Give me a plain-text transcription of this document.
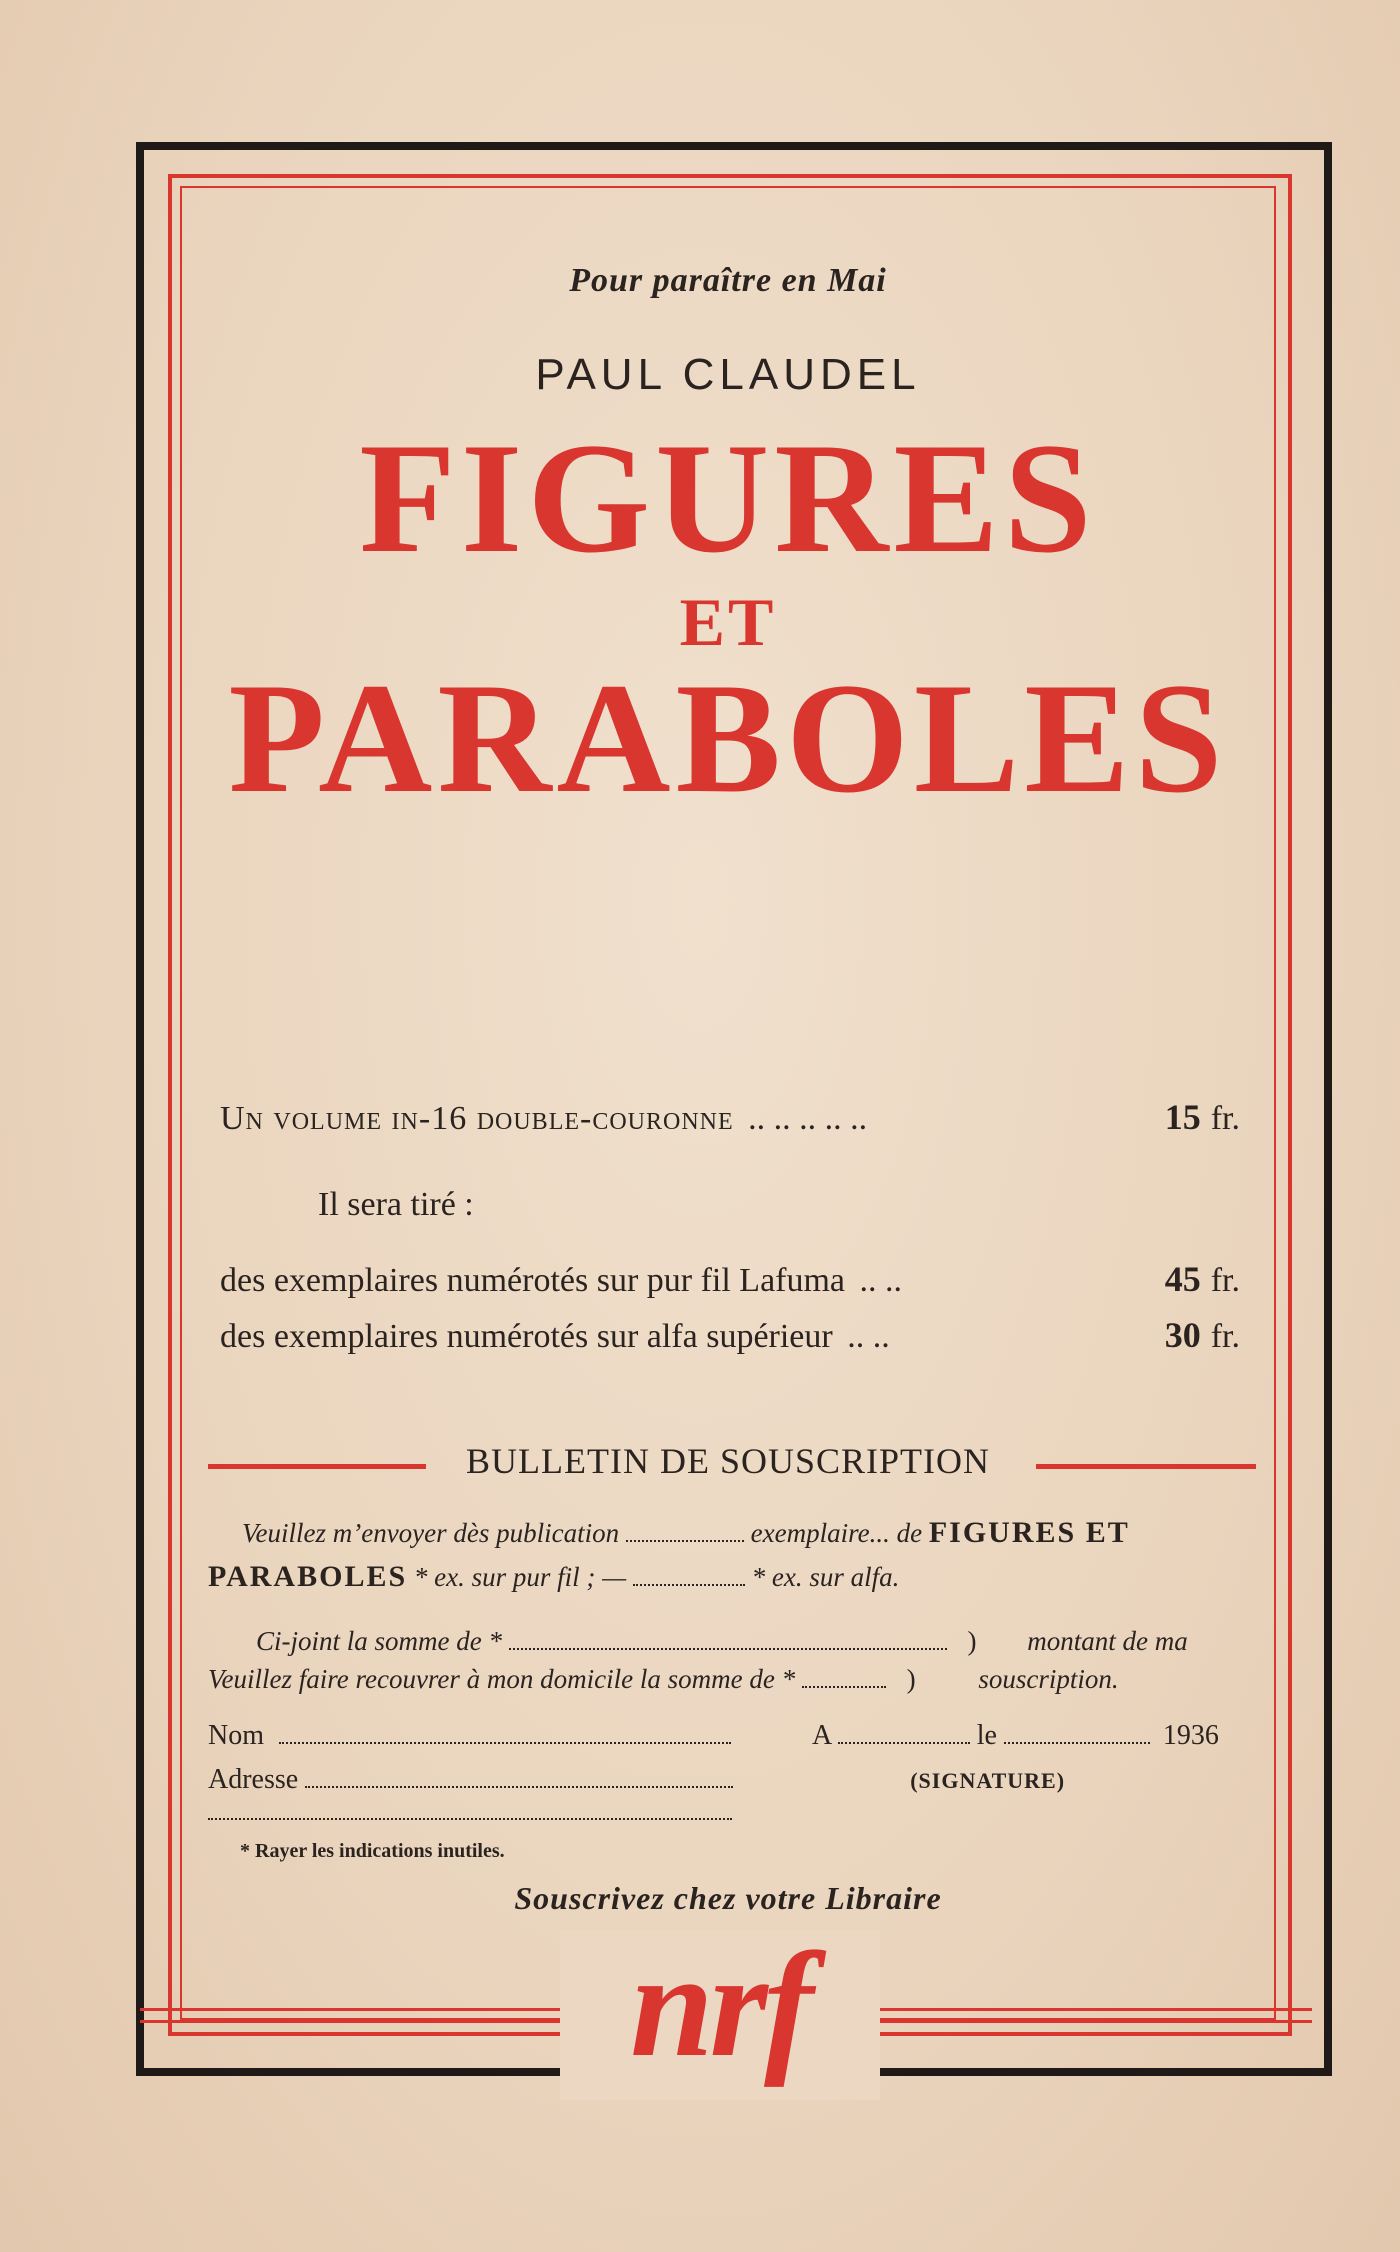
Pour paraître en Mai
PAUL CLAUDEL
FIGURES
ET
PARABOLES
Un volume in-16 double-couronne .. .. .. .. ..	15 fr.
Il sera tiré :
des exemplaires numérotés sur pur fil Lafuma .. ..	45 fr.
des exemplaires numérotés sur alfa supérieur .. ..	30 fr.
BULLETIN DE SOUSCRIPTION
Veuillez m’envoyer dès publication	exemplaire... de FIGURES ET
PARABOLES * ex. sur pur fil ; —	* ex. sur alfa.
Ci-joint la somme de *	) montant de ma
Veuillez faire recouvrer à mon domicile la somme de *	) souscription.
Nom	A	le	1936
Adresse	(SIGNATURE)
* Rayer les indications inutiles.
Souscrivez chez votre Libraire
nrf
